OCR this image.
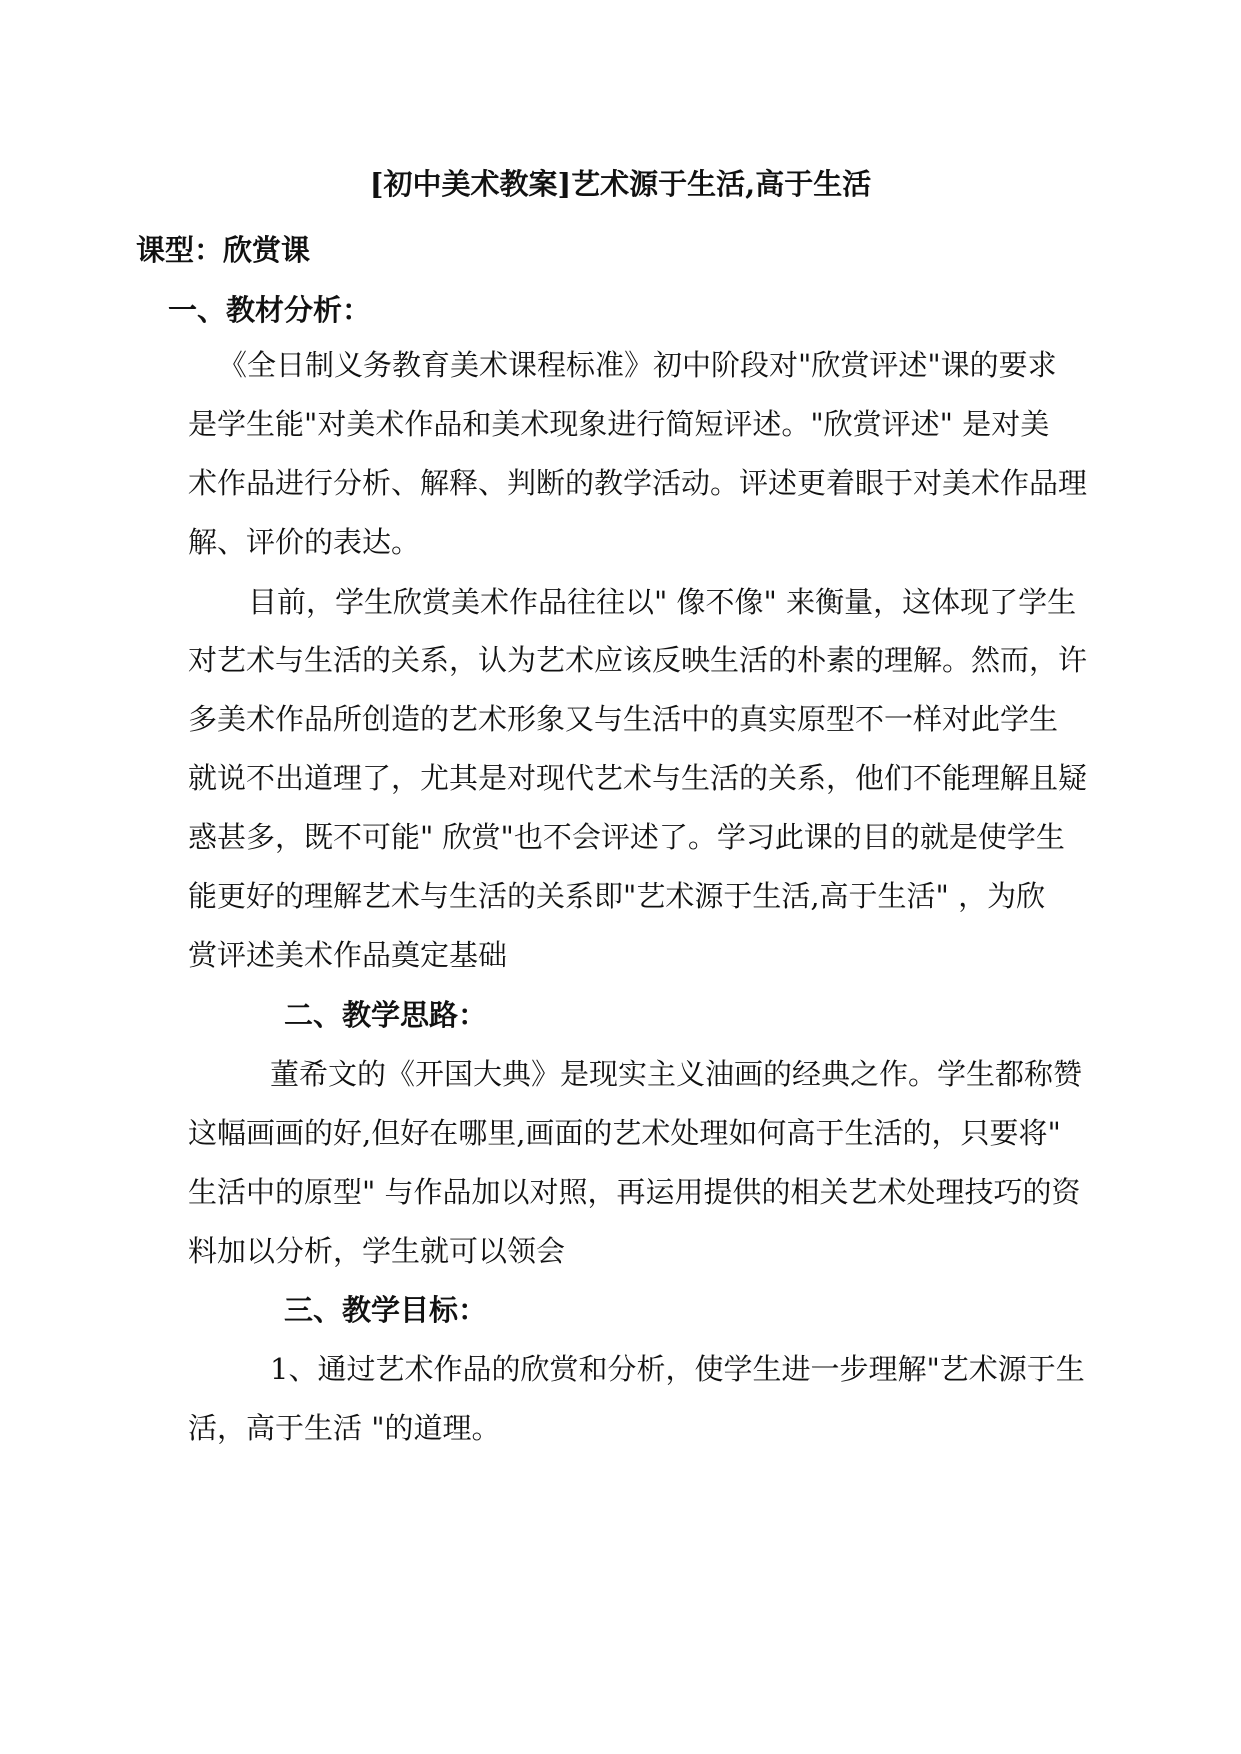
[初中美术教案]艺术源于生活,高于生活
课型：欣赏课
一、教材分析：
《全日制义务教育美术课程标准》初中阶段对"欣赏评述"课的要求
是学生能"对美术作品和美术现象进行简短评述。"欣赏评述" 是对美
术作品进行分析、解释、判断的教学活动。评述更着眼于对美术作品理
解、评价的表达。
目前，学生欣赏美术作品往往以" 像不像" 来衡量，这体现了学生
对艺术与生活的关系，认为艺术应该反映生活的朴素的理解。然而，许
多美术作品所创造的艺术形象又与生活中的真实原型不一样对此学生
就说不出道理了，尤其是对现代艺术与生活的关系，他们不能理解且疑
惑甚多，既不可能" 欣赏"也不会评述了。学习此课的目的就是使学生
能更好的理解艺术与生活的关系即"艺术源于生活,高于生活" ，为欣
赏评述美术作品奠定基础
二、教学思路：
董希文的《开国大典》是现实主义油画的经典之作。学生都称赞
这幅画画的好,但好在哪里,画面的艺术处理如何高于生活的，只要将"
生活中的原型" 与作品加以对照，再运用提供的相关艺术处理技巧的资
料加以分析，学生就可以领会
三、教学目标：
1、通过艺术作品的欣赏和分析，使学生进一步理解"艺术源于生
活，高于生活 "的道理。
